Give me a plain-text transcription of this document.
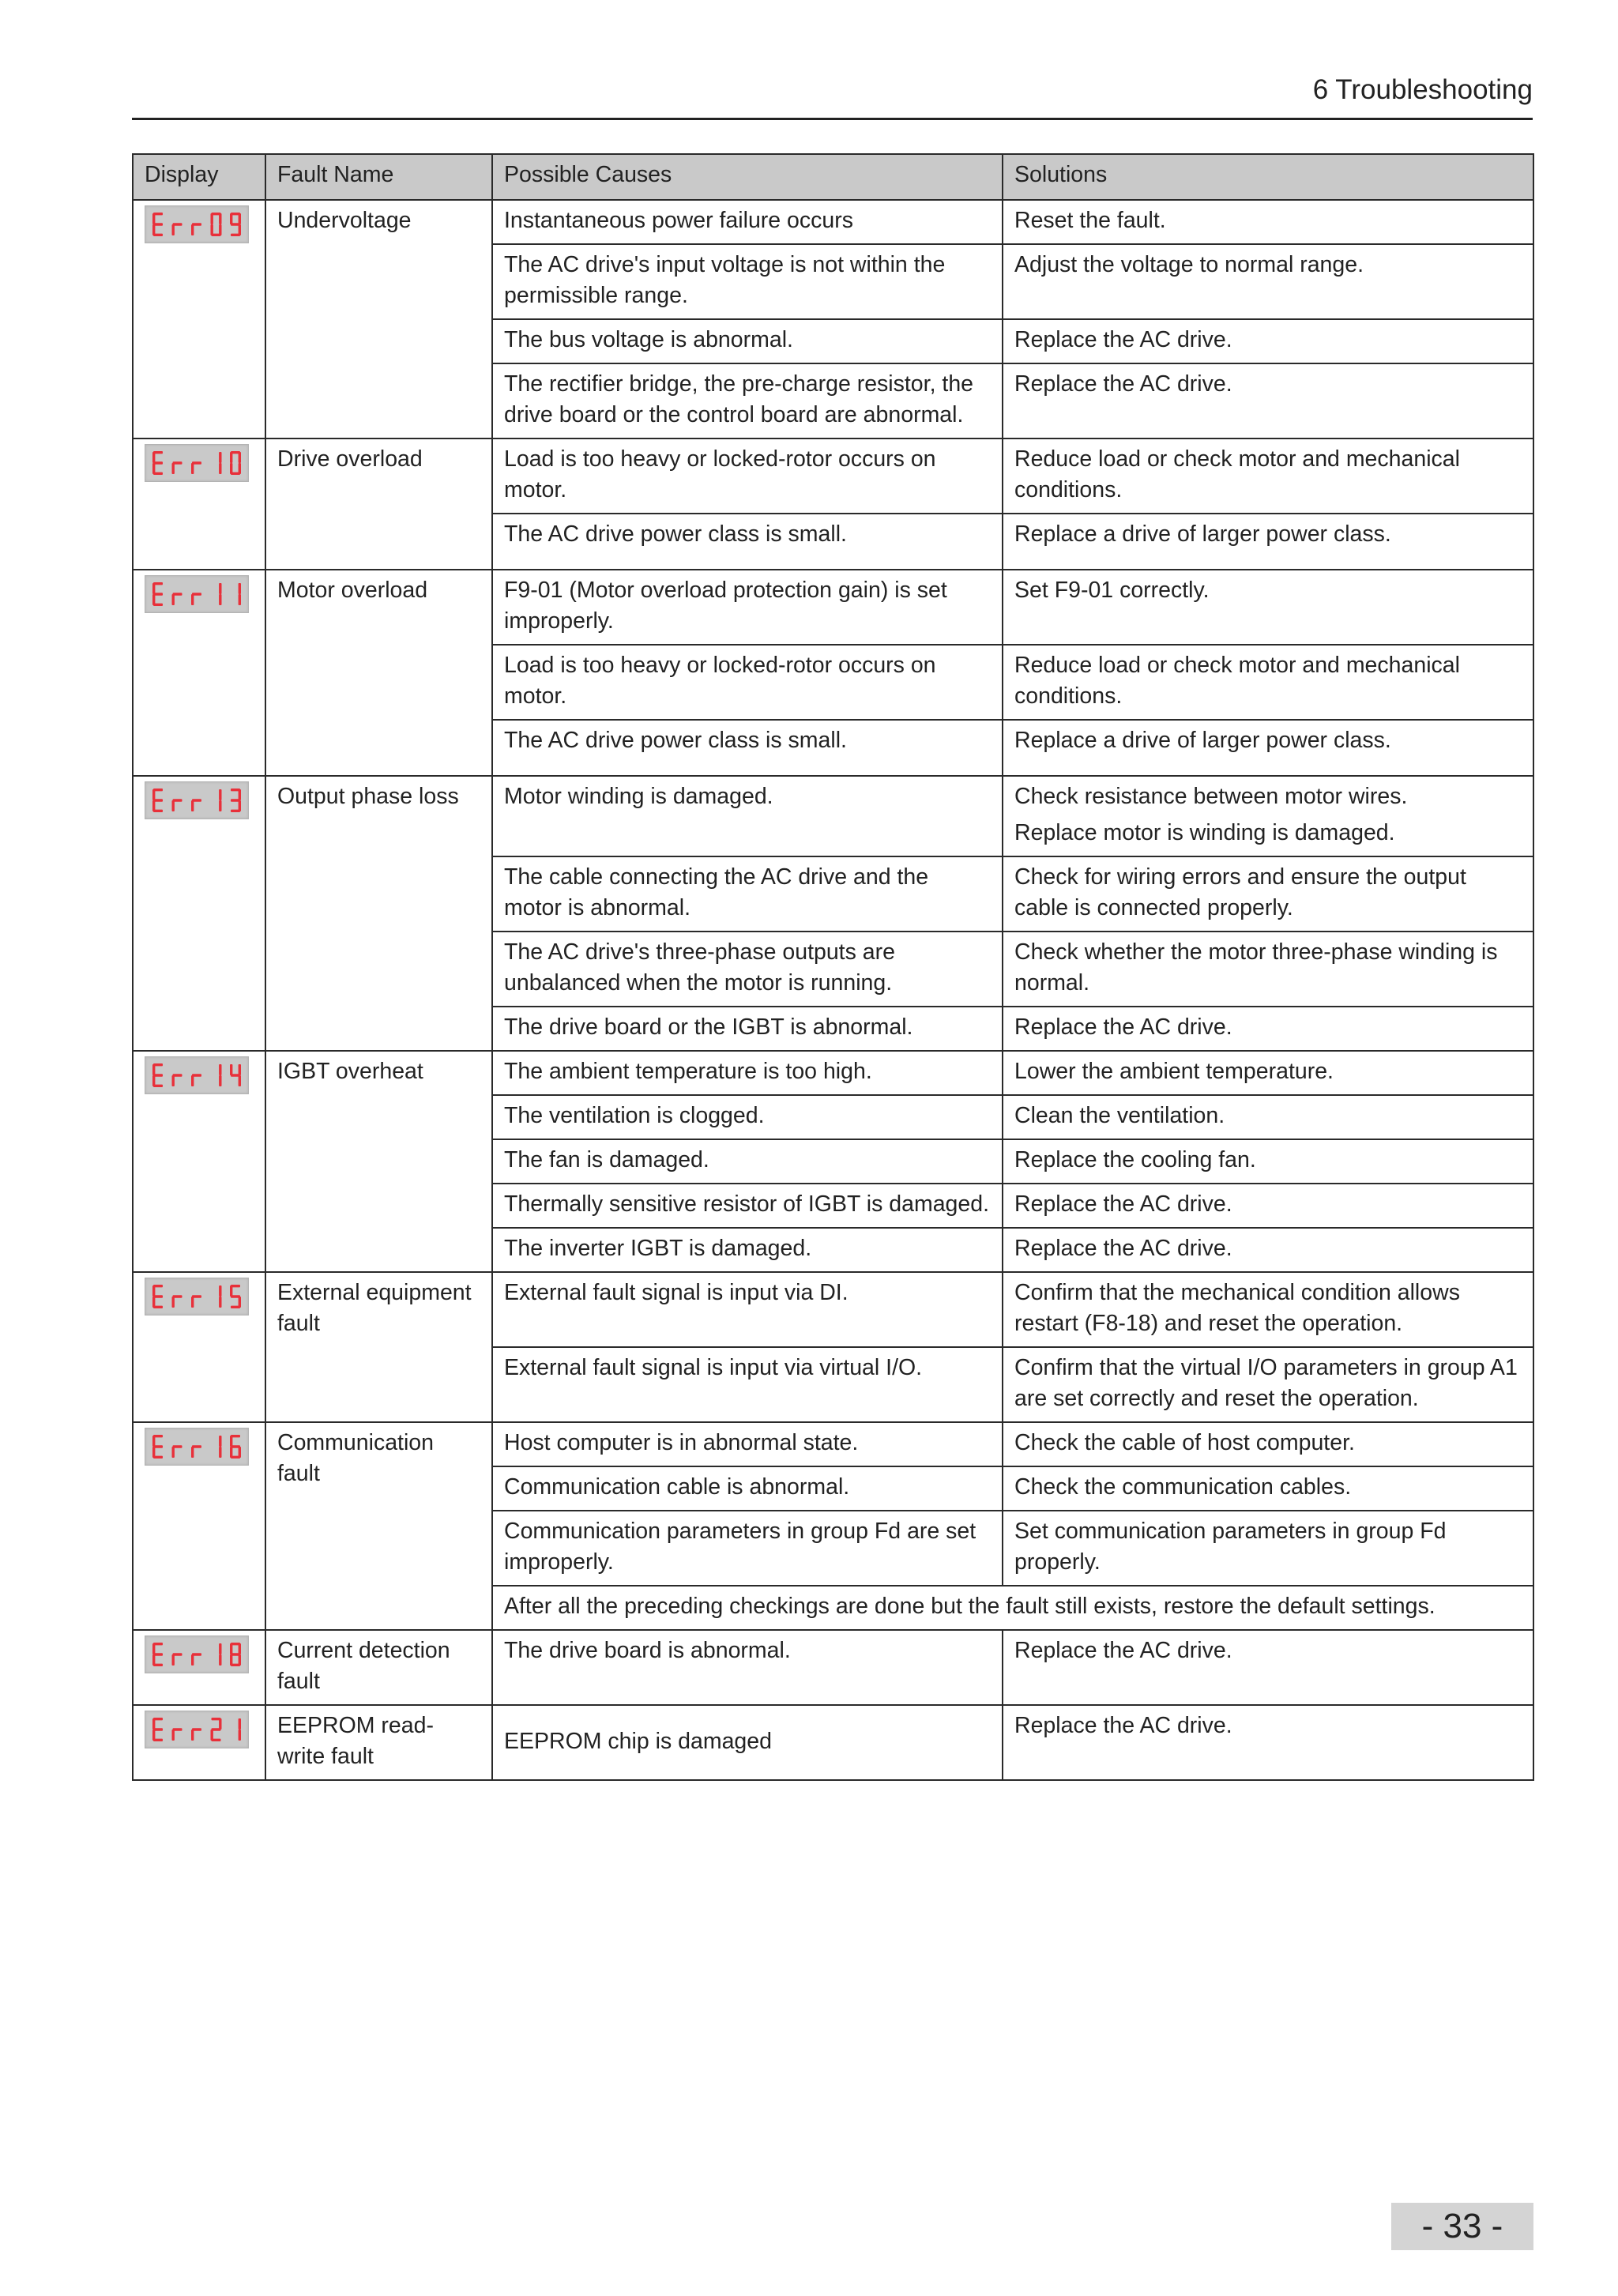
6 Troubleshooting
Display	Fault Name	Possible Causes	Solutions

	Undervoltage	Instantaneous power failure occurs	Reset the fault.
		The AC drive's input voltage is not within the permissible range.	Adjust the voltage to normal range.
		The bus voltage is abnormal.	Replace the AC drive.
		The rectifier bridge, the pre-charge resistor, the drive board or the control board are abnormal.	Replace the AC drive.

	Drive overload	Load is too heavy or locked-rotor occurs on motor.	Reduce load or check motor and mechanical conditions.
		The AC drive power class is small.	Replace a drive of larger power class.

	Motor overload	F9-01 (Motor overload protection gain) is set improperly.	Set F9-01 correctly.
		Load is too heavy or locked-rotor occurs on motor.	Reduce load or check motor and mechanical conditions.
		The AC drive power class is small.	Replace a drive of larger power class.

	Output phase loss	Motor winding is damaged.	Check resistance between motor wires.
Replace motor is winding is damaged.

		The cable connecting the AC drive and the motor is abnormal.	Check for wiring errors and ensure the output cable is connected properly.
		The AC drive's three-phase outputs are unbalanced when the motor is running.	Check whether the motor three-phase winding is normal.
		The drive board or the IGBT is abnormal.	Replace the AC drive.

	IGBT overheat	The ambient temperature is too high.	Lower the ambient temperature.
		The ventilation is clogged.	Clean the ventilation.
		The fan is damaged.	Replace the cooling fan.
		Thermally sensitive resistor of IGBT is damaged.	Replace the AC drive.
		The inverter IGBT is damaged.	Replace the AC drive.

	External equipment fault	External fault signal is input via DI.	Confirm that the mechanical condition allows restart (F8-18) and reset the operation.
		External fault signal is input via virtual I/O.	Confirm that the virtual I/O parameters in group A1 are set correctly and reset the operation.

	Communication fault	Host computer is in abnormal state.	Check the cable of host computer.
		Communication cable is abnormal.	Check the communication cables.
		Communication parameters in group Fd are set improperly.	Set communication parameters in group Fd properly.
		After all the preceding checkings are done but the fault still exists, restore the default settings.	

	Current detection fault	The drive board is abnormal.	Replace the AC drive.

	EEPROM read-write fault	EEPROM chip is damaged	Replace the AC drive.
- 33 -
